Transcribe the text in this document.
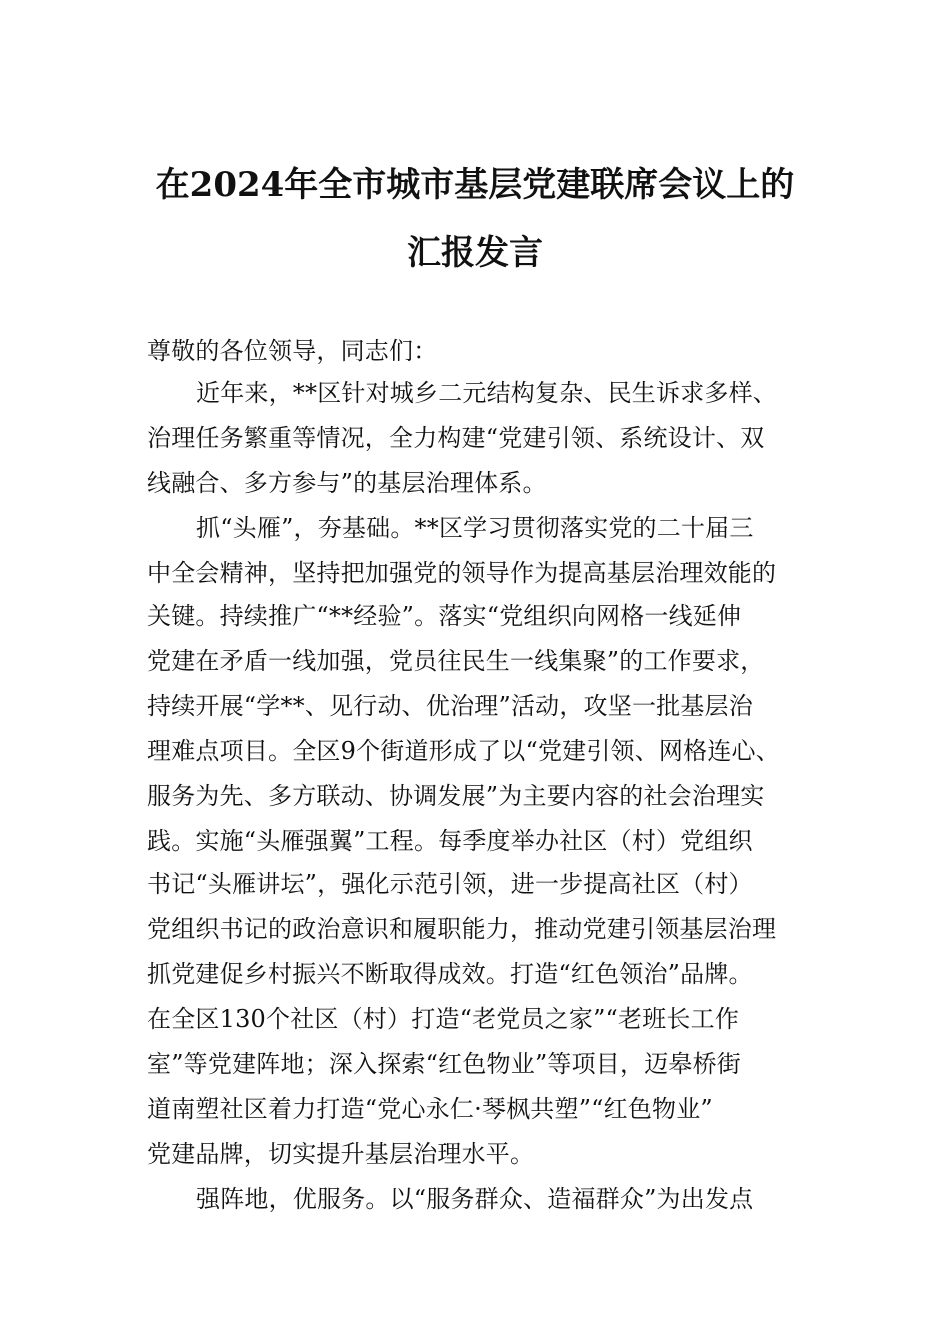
在2024年全市城市基层党建联席会议上的
汇报发言
尊敬的各位领导，同志们：
近年来，**区针对城乡二元结构复杂、民生诉求多样、
治理任务繁重等情况，全力构建“党建引领、系统设计、双
线融合、多方参与”的基层治理体系。
抓“头雁”，夯基础。**区学习贯彻落实党的二十届三
中全会精神，坚持把加强党的领导作为提高基层治理效能的
关键。持续推广“**经验”。落实“党组织向网格一线延伸
党建在矛盾一线加强，党员往民生一线集聚”的工作要求，
持续开展“学**、见行动、优治理”活动，攻坚一批基层治
理难点项目。全区9个街道形成了以“党建引领、网格连心、
服务为先、多方联动、协调发展”为主要内容的社会治理实
践。实施“头雁强翼”工程。每季度举办社区（村）党组织
书记“头雁讲坛”，强化示范引领，进一步提高社区（村）
党组织书记的政治意识和履职能力，推动党建引领基层治理
抓党建促乡村振兴不断取得成效。打造“红色领治”品牌。
在全区130个社区（村）打造“老党员之家”“老班长工作
室”等党建阵地；深入探索“红色物业”等项目，迈皋桥街
道南塑社区着力打造“党心永仁·琴枫共塑”“红色物业”
党建品牌，切实提升基层治理水平。
强阵地，优服务。以“服务群众、造福群众”为出发点
